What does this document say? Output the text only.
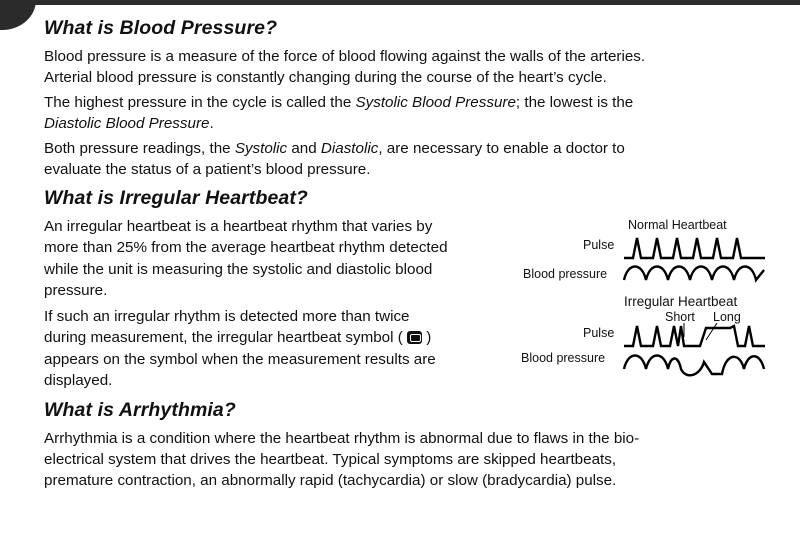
What is Blood Pressure?
Blood pressure is a measure of the force of blood flowing against the walls of the arteries.
Arterial blood pressure is constantly changing during the course of the heart’s cycle.
The highest pressure in the cycle is called the Systolic Blood Pressure; the lowest is the
Diastolic Blood Pressure.
Both pressure readings, the Systolic and Diastolic, are necessary to enable a doctor to
evaluate the status of a patient’s blood pressure.
What is Irregular Heartbeat?
An irregular heartbeat is a heartbeat rhythm that varies by
more than 25% from the average heartbeat rhythm detected
while the unit is measuring the systolic and diastolic blood
pressure.
If such an irregular rhythm is detected more than twice
during measurement, the irregular heartbeat symbol (  )
appears on the symbol when the measurement results are
displayed.
Normal Heartbeat
Pulse
Blood pressure
Irregular Heartbeat
Short Long
Pulse
Blood pressure
What is Arrhythmia?
Arrhythmia is a condition where the heartbeat rhythm is abnormal due to flaws in the bio-
electrical system that drives the heartbeat. Typical symptoms are skipped heartbeats,
premature contraction, an abnormally rapid (tachycardia) or slow (bradycardia) pulse.
